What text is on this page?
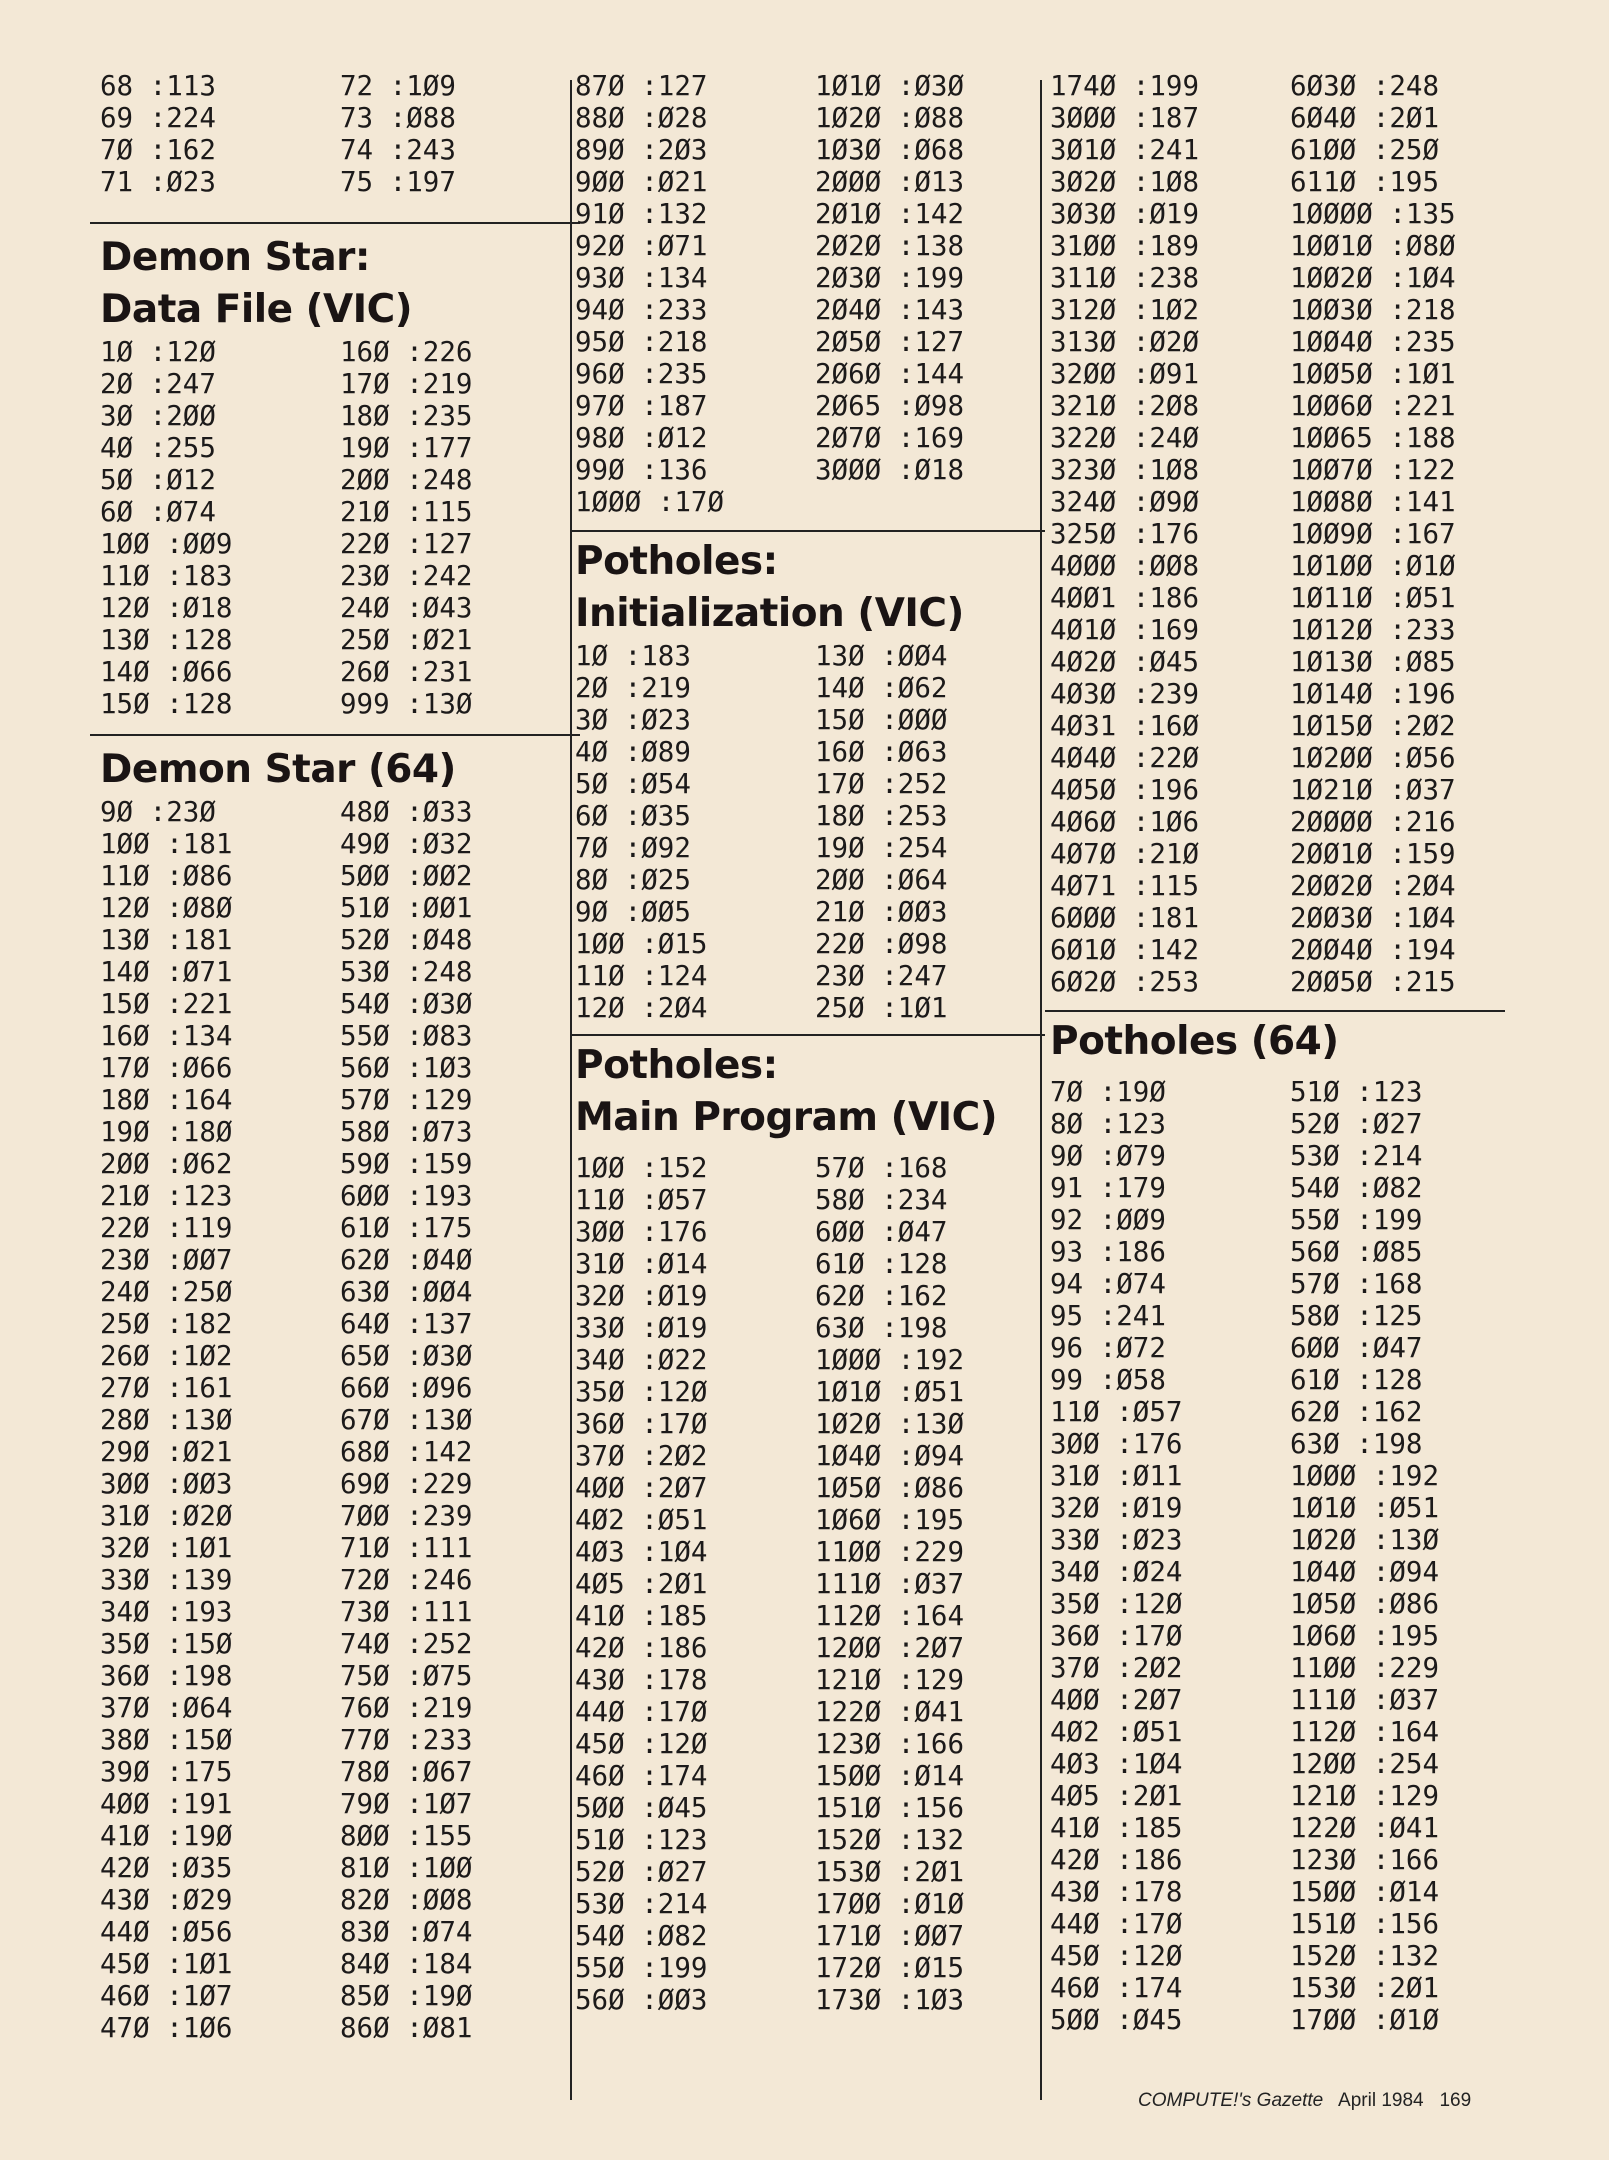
68 :113
69 :224
7Ø :162
71 :Ø23
72 :1Ø9
73 :Ø88
74 :243
75 :197
Demon Star:
Data File (VIC)
1Ø :12Ø
2Ø :247
3Ø :2ØØ
4Ø :255
5Ø :Ø12
6Ø :Ø74
1ØØ :ØØ9
11Ø :183
12Ø :Ø18
13Ø :128
14Ø :Ø66
15Ø :128
16Ø :226
17Ø :219
18Ø :235
19Ø :177
2ØØ :248
21Ø :115
22Ø :127
23Ø :242
24Ø :Ø43
25Ø :Ø21
26Ø :231
999 :13Ø
Demon Star (64)
9Ø :23Ø
1ØØ :181
11Ø :Ø86
12Ø :Ø8Ø
13Ø :181
14Ø :Ø71
15Ø :221
16Ø :134
17Ø :Ø66
18Ø :164
19Ø :18Ø
2ØØ :Ø62
21Ø :123
22Ø :119
23Ø :ØØ7
24Ø :25Ø
25Ø :182
26Ø :1Ø2
27Ø :161
28Ø :13Ø
29Ø :Ø21
3ØØ :ØØ3
31Ø :Ø2Ø
32Ø :1Ø1
33Ø :139
34Ø :193
35Ø :15Ø
36Ø :198
37Ø :Ø64
38Ø :15Ø
39Ø :175
4ØØ :191
41Ø :19Ø
42Ø :Ø35
43Ø :Ø29
44Ø :Ø56
45Ø :1Ø1
46Ø :1Ø7
47Ø :1Ø6
48Ø :Ø33
49Ø :Ø32
5ØØ :ØØ2
51Ø :ØØ1
52Ø :Ø48
53Ø :248
54Ø :Ø3Ø
55Ø :Ø83
56Ø :1Ø3
57Ø :129
58Ø :Ø73
59Ø :159
6ØØ :193
61Ø :175
62Ø :Ø4Ø
63Ø :ØØ4
64Ø :137
65Ø :Ø3Ø
66Ø :Ø96
67Ø :13Ø
68Ø :142
69Ø :229
7ØØ :239
71Ø :111
72Ø :246
73Ø :111
74Ø :252
75Ø :Ø75
76Ø :219
77Ø :233
78Ø :Ø67
79Ø :1Ø7
8ØØ :155
81Ø :1ØØ
82Ø :ØØ8
83Ø :Ø74
84Ø :184
85Ø :19Ø
86Ø :Ø81
87Ø :127
88Ø :Ø28
89Ø :2Ø3
9ØØ :Ø21
91Ø :132
92Ø :Ø71
93Ø :134
94Ø :233
95Ø :218
96Ø :235
97Ø :187
98Ø :Ø12
99Ø :136
1ØØØ :17Ø
1Ø1Ø :Ø3Ø
1Ø2Ø :Ø88
1Ø3Ø :Ø68
2ØØØ :Ø13
2Ø1Ø :142
2Ø2Ø :138
2Ø3Ø :199
2Ø4Ø :143
2Ø5Ø :127
2Ø6Ø :144
2Ø65 :Ø98
2Ø7Ø :169
3ØØØ :Ø18
Potholes:
Initialization (VIC)
1Ø :183
2Ø :219
3Ø :Ø23
4Ø :Ø89
5Ø :Ø54
6Ø :Ø35
7Ø :Ø92
8Ø :Ø25
9Ø :ØØ5
1ØØ :Ø15
11Ø :124
12Ø :2Ø4
13Ø :ØØ4
14Ø :Ø62
15Ø :ØØØ
16Ø :Ø63
17Ø :252
18Ø :253
19Ø :254
2ØØ :Ø64
21Ø :ØØ3
22Ø :Ø98
23Ø :247
25Ø :1Ø1
Potholes:
Main Program (VIC)
1ØØ :152
11Ø :Ø57
3ØØ :176
31Ø :Ø14
32Ø :Ø19
33Ø :Ø19
34Ø :Ø22
35Ø :12Ø
36Ø :17Ø
37Ø :2Ø2
4ØØ :2Ø7
4Ø2 :Ø51
4Ø3 :1Ø4
4Ø5 :2Ø1
41Ø :185
42Ø :186
43Ø :178
44Ø :17Ø
45Ø :12Ø
46Ø :174
5ØØ :Ø45
51Ø :123
52Ø :Ø27
53Ø :214
54Ø :Ø82
55Ø :199
56Ø :ØØ3
57Ø :168
58Ø :234
6ØØ :Ø47
61Ø :128
62Ø :162
63Ø :198
1ØØØ :192
1Ø1Ø :Ø51
1Ø2Ø :13Ø
1Ø4Ø :Ø94
1Ø5Ø :Ø86
1Ø6Ø :195
11ØØ :229
111Ø :Ø37
112Ø :164
12ØØ :2Ø7
121Ø :129
122Ø :Ø41
123Ø :166
15ØØ :Ø14
151Ø :156
152Ø :132
153Ø :2Ø1
17ØØ :Ø1Ø
171Ø :ØØ7
172Ø :Ø15
173Ø :1Ø3
174Ø :199
3ØØØ :187
3Ø1Ø :241
3Ø2Ø :1Ø8
3Ø3Ø :Ø19
31ØØ :189
311Ø :238
312Ø :1Ø2
313Ø :Ø2Ø
32ØØ :Ø91
321Ø :2Ø8
322Ø :24Ø
323Ø :1Ø8
324Ø :Ø9Ø
325Ø :176
4ØØØ :ØØ8
4ØØ1 :186
4Ø1Ø :169
4Ø2Ø :Ø45
4Ø3Ø :239
4Ø31 :16Ø
4Ø4Ø :22Ø
4Ø5Ø :196
4Ø6Ø :1Ø6
4Ø7Ø :21Ø
4Ø71 :115
6ØØØ :181
6Ø1Ø :142
6Ø2Ø :253
6Ø3Ø :248
6Ø4Ø :2Ø1
61ØØ :25Ø
611Ø :195
1ØØØØ :135
1ØØ1Ø :Ø8Ø
1ØØ2Ø :1Ø4
1ØØ3Ø :218
1ØØ4Ø :235
1ØØ5Ø :1Ø1
1ØØ6Ø :221
1ØØ65 :188
1ØØ7Ø :122
1ØØ8Ø :141
1ØØ9Ø :167
1Ø1ØØ :Ø1Ø
1Ø11Ø :Ø51
1Ø12Ø :233
1Ø13Ø :Ø85
1Ø14Ø :196
1Ø15Ø :2Ø2
1Ø2ØØ :Ø56
1Ø21Ø :Ø37
2ØØØØ :216
2ØØ1Ø :159
2ØØ2Ø :2Ø4
2ØØ3Ø :1Ø4
2ØØ4Ø :194
2ØØ5Ø :215
Potholes (64)
7Ø :19Ø
8Ø :123
9Ø :Ø79
91 :179
92 :ØØ9
93 :186
94 :Ø74
95 :241
96 :Ø72
99 :Ø58
11Ø :Ø57
3ØØ :176
31Ø :Ø11
32Ø :Ø19
33Ø :Ø23
34Ø :Ø24
35Ø :12Ø
36Ø :17Ø
37Ø :2Ø2
4ØØ :2Ø7
4Ø2 :Ø51
4Ø3 :1Ø4
4Ø5 :2Ø1
41Ø :185
42Ø :186
43Ø :178
44Ø :17Ø
45Ø :12Ø
46Ø :174
5ØØ :Ø45
51Ø :123
52Ø :Ø27
53Ø :214
54Ø :Ø82
55Ø :199
56Ø :Ø85
57Ø :168
58Ø :125
6ØØ :Ø47
61Ø :128
62Ø :162
63Ø :198
1ØØØ :192
1Ø1Ø :Ø51
1Ø2Ø :13Ø
1Ø4Ø :Ø94
1Ø5Ø :Ø86
1Ø6Ø :195
11ØØ :229
111Ø :Ø37
112Ø :164
12ØØ :254
121Ø :129
122Ø :Ø41
123Ø :166
15ØØ :Ø14
151Ø :156
152Ø :132
153Ø :2Ø1
17ØØ :Ø1Ø
COMPUTE!'s Gazette April 1984 169
